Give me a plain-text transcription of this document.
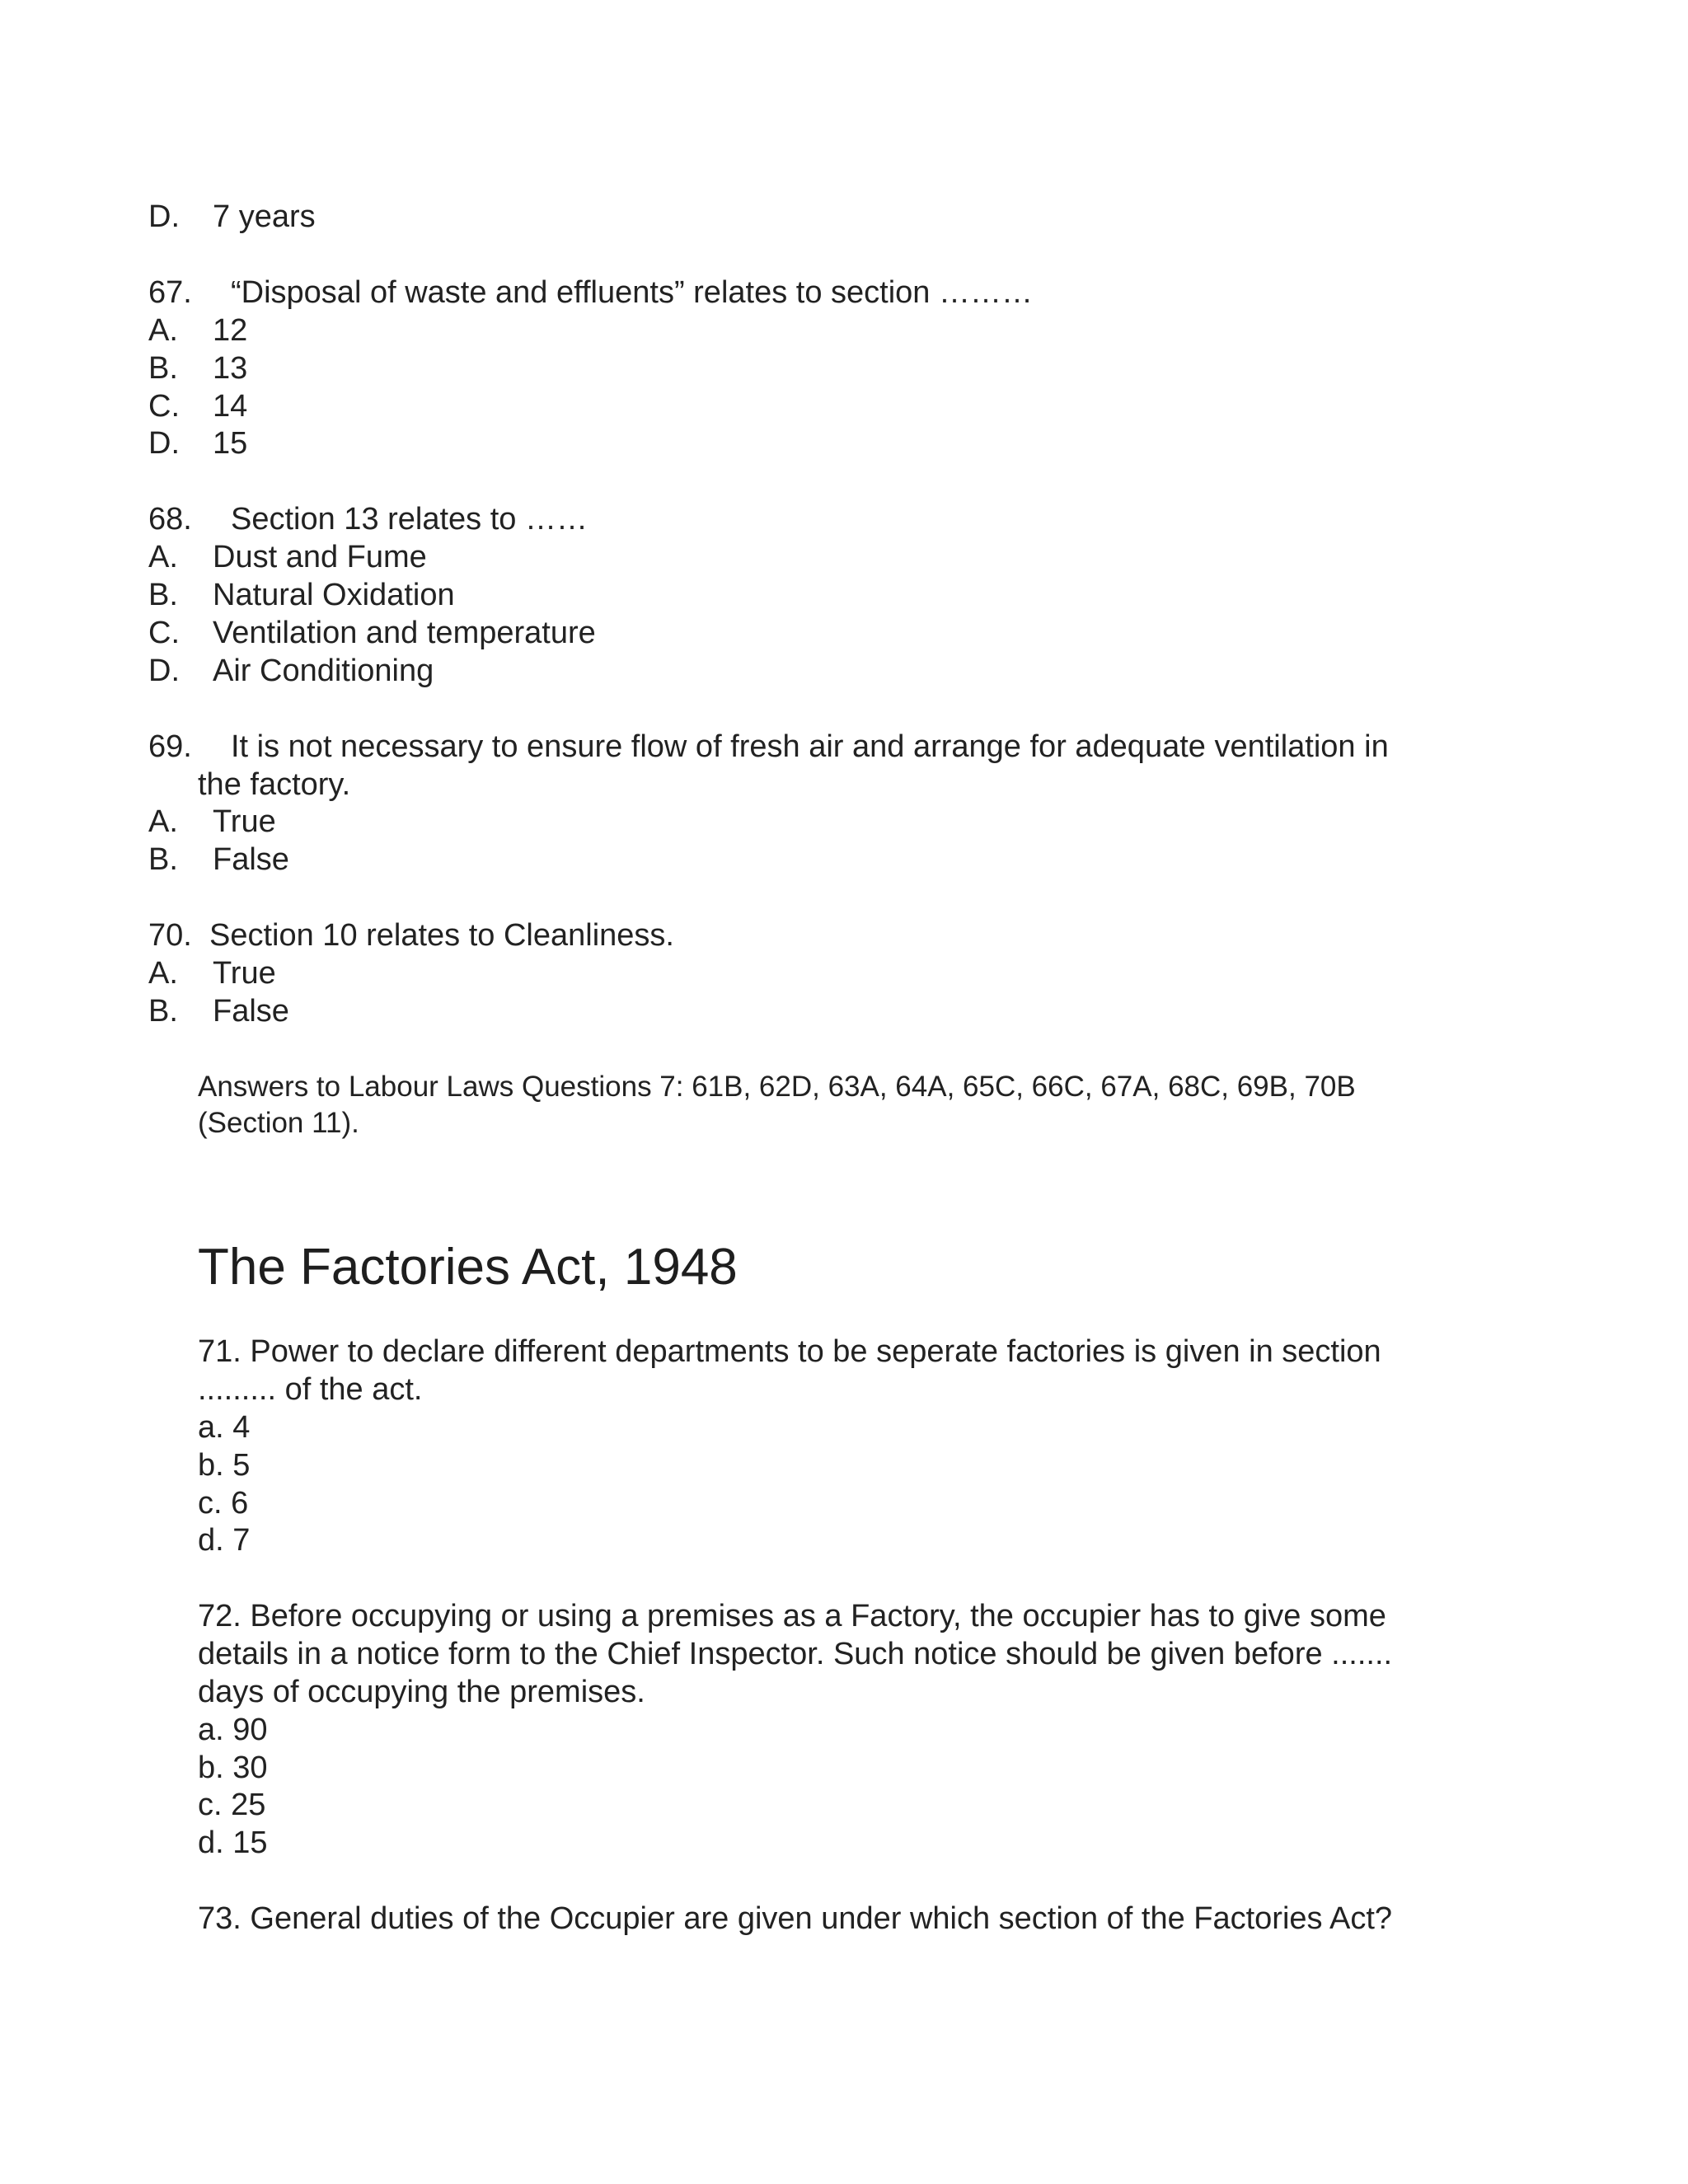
D. 7 years
67. “Disposal of waste and effluents” relates to section ………
A. 12
B. 13
C. 14
D. 15
68. Section 13 relates to ……
A. Dust and Fume
B. Natural Oxidation
C. Ventilation and temperature
D. Air Conditioning
69. It is not necessary to ensure flow of fresh air and arrange for adequate ventilation in
the factory.
A. True
B. False
70. Section 10 relates to Cleanliness.
A. True
B. False
Answers to Labour Laws Questions 7: 61B, 62D, 63A, 64A, 65C, 66C, 67A, 68C, 69B, 70B
(Section 11).
The Factories Act, 1948
71. Power to declare different departments to be seperate factories is given in section
......... of the act.
a. 4
b. 5
c. 6
d. 7
72. Before occupying or using a premises as a Factory, the occupier has to give some
details in a notice form to the Chief Inspector. Such notice should be given before .......
days of occupying the premises.
a. 90
b. 30
c. 25
d. 15
73. General duties of the Occupier are given under which section of the Factories Act?
